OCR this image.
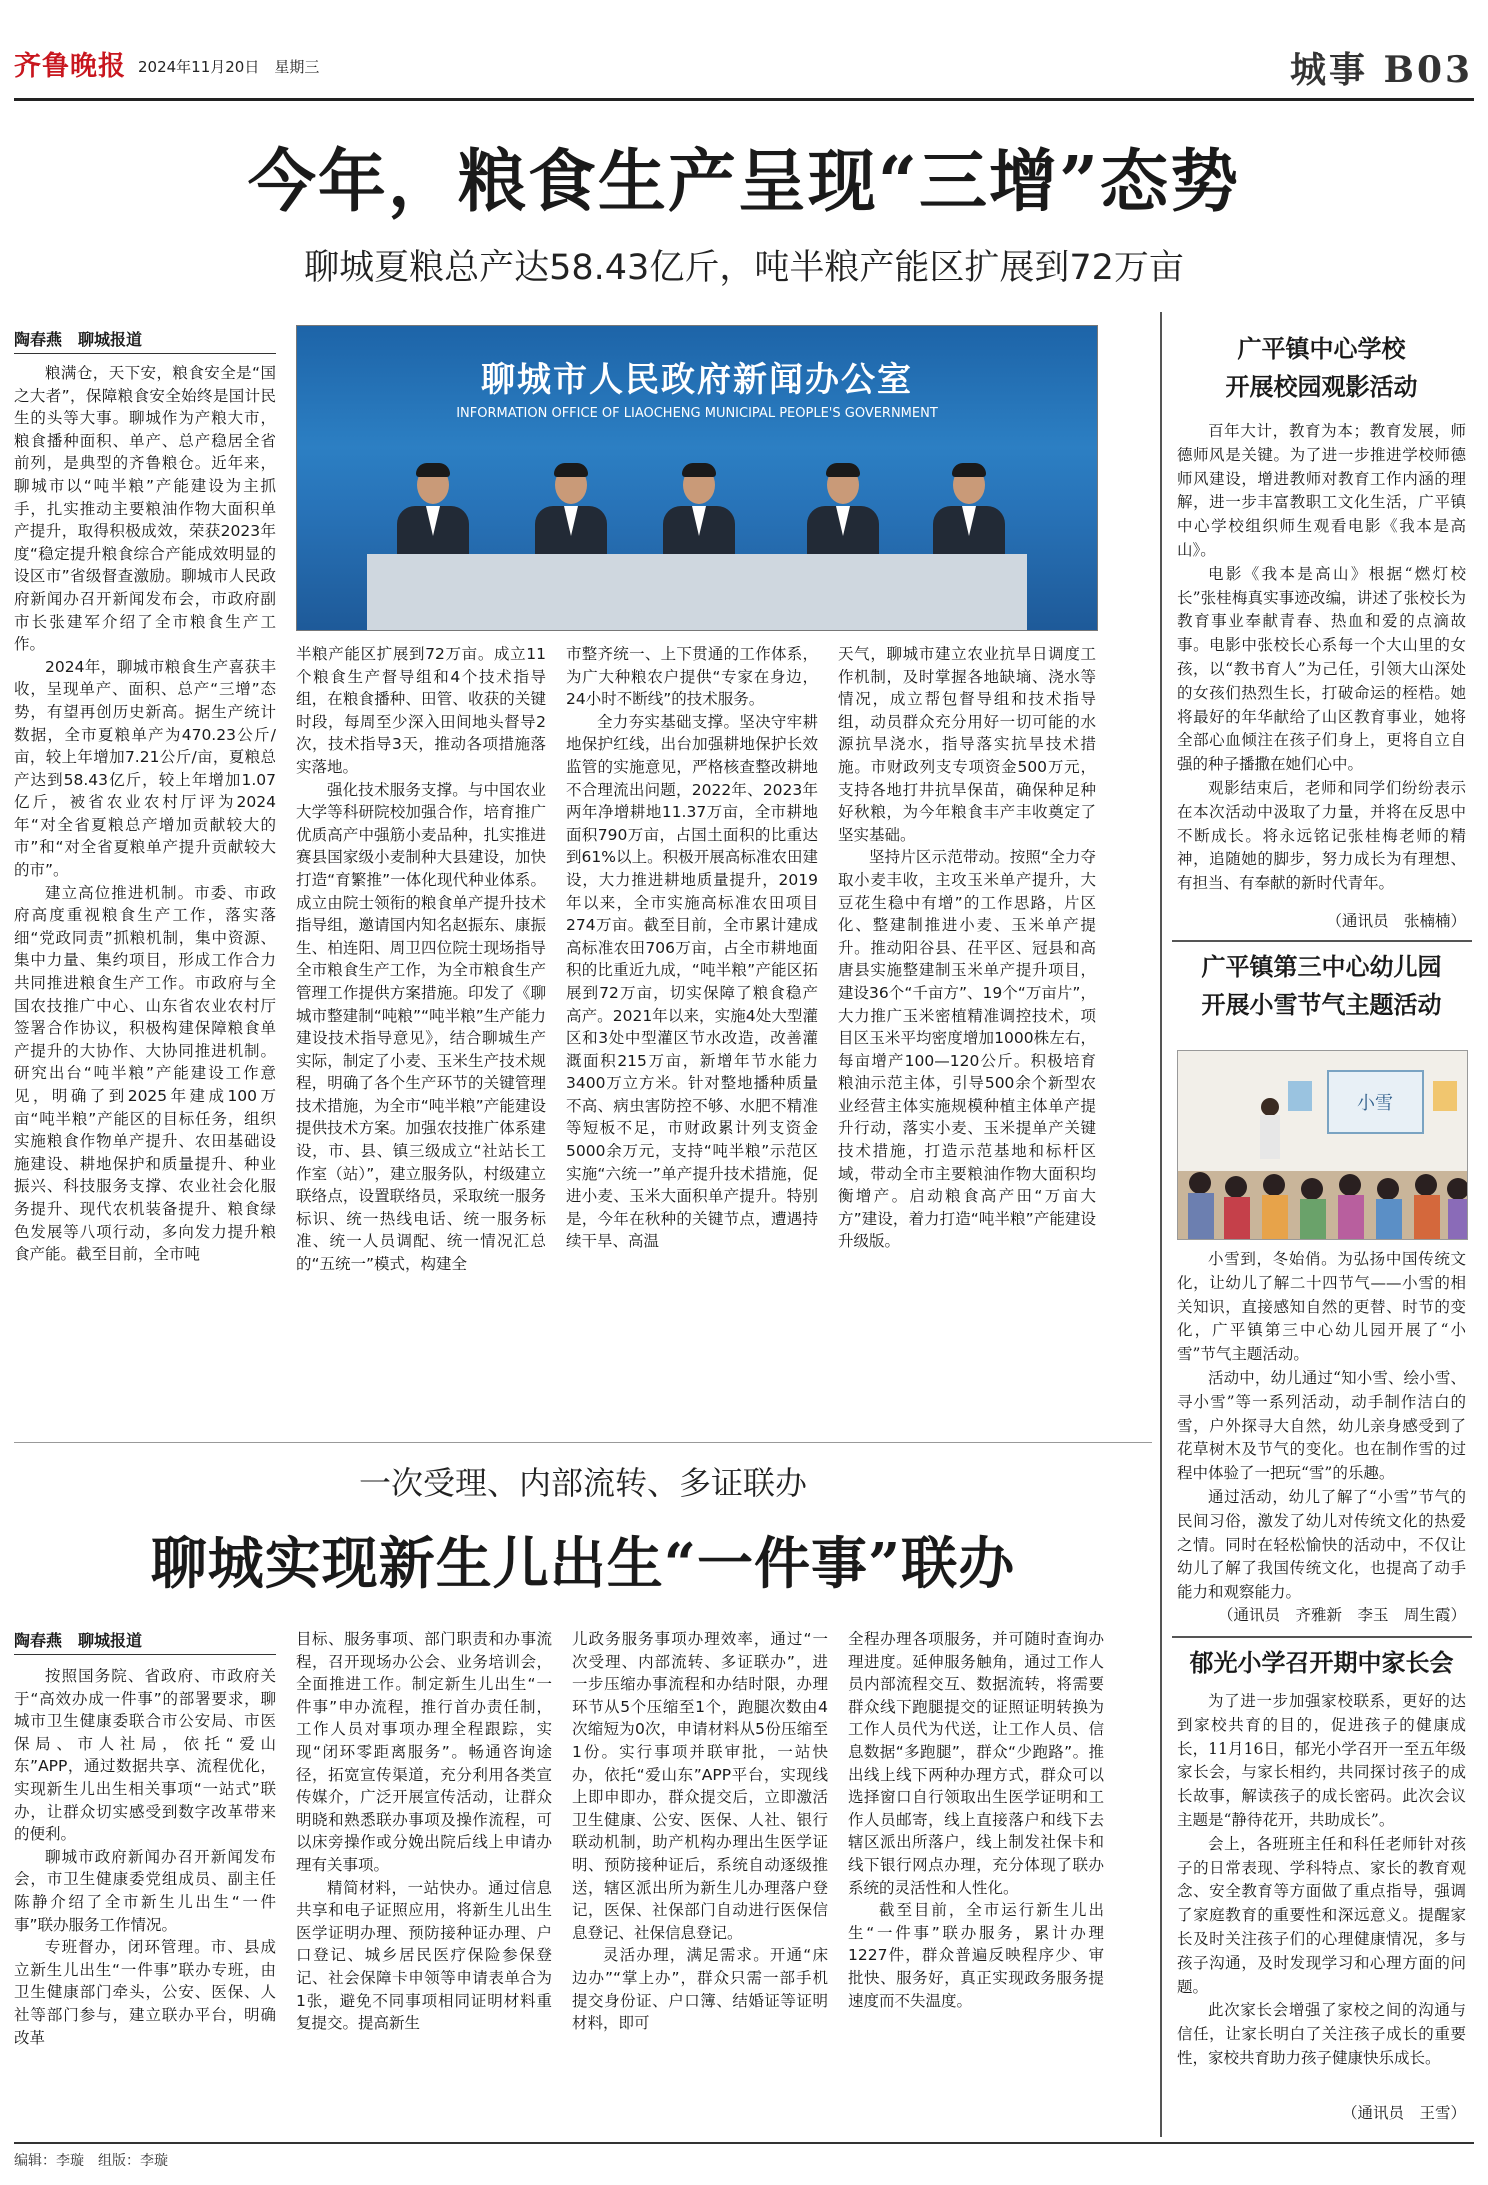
齐鲁晚报 2024年11月20日　星期三	城事 B03
今年，粮食生产呈现“三增”态势
聊城夏粮总产达58.43亿斤，吨半粮产能区扩展到72万亩
陶春燕　聊城报道

粮满仓，天下安，粮食安全是“国之大者”，保障粮食安全始终是国计民生的头等大事。聊城作为产粮大市，粮食播种面积、单产、总产稳居全省前列，是典型的齐鲁粮仓。近年来，聊城市以“吨半粮”产能建设为主抓手，扎实推动主要粮油作物大面积单产提升，取得积极成效，荣获2023年度“稳定提升粮食综合产能成效明显的设区市”省级督查激励。聊城市人民政府新闻办召开新闻发布会，市政府副市长张建军介绍了全市粮食生产工作。

2024年，聊城市粮食生产喜获丰收，呈现单产、面积、总产“三增”态势，有望再创历史新高。据生产统计数据，全市夏粮单产为470.23公斤/亩，较上年增加7.21公斤/亩，夏粮总产达到58.43亿斤，较上年增加1.07亿斤，被省农业农村厅评为2024年“对全省夏粮总产增加贡献较大的市”和“对全省夏粮单产提升贡献较大的市”。

建立高位推进机制。市委、市政府高度重视粮食生产工作，落实落细“党政同责”抓粮机制，集中资源、集中力量、集约项目，形成工作合力共同推进粮食生产工作。市政府与全国农技推广中心、山东省农业农村厅签署合作协议，积极构建保障粮食单产提升的大协作、大协同推进机制。研究出台“吨半粮”产能建设工作意见，明确了到2025年建成100万亩“吨半粮”产能区的目标任务，组织实施粮食作物单产提升、农田基础设施建设、耕地保护和质量提升、种业振兴、科技服务支撑、农业社会化服务提升、现代农机装备提升、粮食绿色发展等八项行动，多向发力提升粮食产能。截至目前，全市吨

聊城市人民政府新闻办公室
INFORMATION OFFICE OF LIAOCHENG MUNICIPAL PEOPLE'S GOVERNMENT

半粮产能区扩展到72万亩。成立11个粮食生产督导组和4个技术指导组，在粮食播种、田管、收获的关键时段，每周至少深入田间地头督导2次，技术指导3天，推动各项措施落实落地。

强化技术服务支撑。与中国农业大学等科研院校加强合作，培育推广优质高产中强筋小麦品种，扎实推进赛县国家级小麦制种大县建设，加快打造“育繁推”一体化现代种业体系。成立由院士领衔的粮食单产提升技术指导组，邀请国内知名赵振东、康振生、柏连阳、周卫四位院士现场指导全市粮食生产工作，为全市粮食生产管理工作提供方案措施。印发了《聊城市整建制“吨粮”“吨半粮”生产能力建设技术指导意见》，结合聊城生产实际，制定了小麦、玉米生产技术规程，明确了各个生产环节的关键管理技术措施，为全市“吨半粮”产能建设提供技术方案。加强农技推广体系建设，市、县、镇三级成立“社站长工作室（站）”，建立服务队，村级建立联络点，设置联络员，采取统一服务标识、统一热线电话、统一服务标准、统一人员调配、统一情况汇总的“五统一”模式，构建全

市整齐统一、上下贯通的工作体系，为广大种粮农户提供“专家在身边，24小时不断线”的技术服务。

全力夯实基础支撑。坚决守牢耕地保护红线，出台加强耕地保护长效监管的实施意见，严格核查整改耕地不合理流出问题，2022年、2023年两年净增耕地11.37万亩，全市耕地面积790万亩，占国土面积的比重达到61%以上。积极开展高标准农田建设，大力推进耕地质量提升，2019年以来，全市实施高标准农田项目274万亩。截至目前，全市累计建成高标准农田706万亩，占全市耕地面积的比重近九成，“吨半粮”产能区拓展到72万亩，切实保障了粮食稳产高产。2021年以来，实施4处大型灌区和3处中型灌区节水改造，改善灌溉面积215万亩，新增年节水能力3400万立方米。针对整地播种质量不高、病虫害防控不够、水肥不精准等短板不足，市财政累计列支资金5000余万元，支持“吨半粮”示范区实施“六统一”单产提升技术措施，促进小麦、玉米大面积单产提升。特别是，今年在秋种的关键节点，遭遇持续干旱、高温

天气，聊城市建立农业抗旱日调度工作机制，及时掌握各地缺墒、浇水等情况，成立帮包督导组和技术指导组，动员群众充分用好一切可能的水源抗旱浇水，指导落实抗旱技术措施。市财政列支专项资金500万元，支持各地打井抗旱保苗，确保种足种好秋粮，为今年粮食丰产丰收奠定了坚实基础。

坚持片区示范带动。按照“全力夺取小麦丰收，主攻玉米单产提升，大豆花生稳中有增”的工作思路，片区化、整建制推进小麦、玉米单产提升。推动阳谷县、茌平区、冠县和高唐县实施整建制玉米单产提升项目，建设36个“千亩方”、19个“万亩片”，大力推广玉米密植精准调控技术，项目区玉米平均密度增加1000株左右，每亩增产100—120公斤。积极培育粮油示范主体，引导500余个新型农业经营主体实施规模种植主体单产提升行动，落实小麦、玉米提单产关键技术措施，打造示范基地和标杆区域，带动全市主要粮油作物大面积均衡增产。启动粮食高产田“万亩大方”建设，着力打造“吨半粮”产能建设升级版。

广平镇中心学校
开展校园观影活动

百年大计，教育为本；教育发展，师德师风是关键。为了进一步推进学校师德师风建设，增进教师对教育工作内涵的理解，进一步丰富教职工文化生活，广平镇中心学校组织师生观看电影《我本是高山》。

电影《我本是高山》根据“燃灯校长”张桂梅真实事迹改编，讲述了张校长为教育事业奉献青春、热血和爱的点滴故事。电影中张校长心系每一个大山里的女孩，以“教书育人”为己任，引领大山深处的女孩们热烈生长，打破命运的桎梏。她将最好的年华献给了山区教育事业，她将全部心血倾注在孩子们身上，更将自立自强的种子播撒在她们心中。

观影结束后，老师和同学们纷纷表示在本次活动中汲取了力量，并将在反思中不断成长。将永远铭记张桂梅老师的精神，追随她的脚步，努力成长为有理想、有担当、有奉献的新时代青年。

（通讯员　张楠楠）
广平镇第三中心幼儿园
开展小雪节气主题活动
小雪

小雪到，冬始俏。为弘扬中国传统文化，让幼儿了解二十四节气——小雪的相关知识，直接感知自然的更替、时节的变化，广平镇第三中心幼儿园开展了“小雪”节气主题活动。

活动中，幼儿通过“知小雪、绘小雪、寻小雪”等一系列活动，动手制作洁白的雪，户外探寻大自然，幼儿亲身感受到了花草树木及节气的变化。也在制作雪的过程中体验了一把玩“雪”的乐趣。

通过活动，幼儿了解了“小雪”节气的民间习俗，激发了幼儿对传统文化的热爱之情。同时在轻松愉快的活动中，不仅让幼儿了解了我国传统文化，也提高了动手能力和观察能力。

（通讯员　齐雅新　李玉　周生霞）
郁光小学召开期中家长会

为了进一步加强家校联系，更好的达到家校共育的目的，促进孩子的健康成长，11月16日，郁光小学召开一至五年级家长会，与家长相约，共同探讨孩子的成长故事，解读孩子的成长密码。此次会议主题是“静待花开，共助成长”。

会上，各班班主任和科任老师针对孩子的日常表现、学科特点、家长的教育观念、安全教育等方面做了重点指导，强调了家庭教育的重要性和深远意义。提醒家长及时关注孩子们的心理健康情况，多与孩子沟通，及时发现学习和心理方面的问题。

此次家长会增强了家校之间的沟通与信任，让家长明白了关注孩子成长的重要性，家校共育助力孩子健康快乐成长。

（通讯员　王雪）
一次受理、内部流转、多证联办
聊城实现新生儿出生“一件事”联办
陶春燕　聊城报道

按照国务院、省政府、市政府关于“高效办成一件事”的部署要求，聊城市卫生健康委联合市公安局、市医保局、市人社局，依托“爱山东”APP，通过数据共享、流程优化，实现新生儿出生相关事项“一站式”联办，让群众切实感受到数字改革带来的便利。

聊城市政府新闻办召开新闻发布会，市卫生健康委党组成员、副主任陈静介绍了全市新生儿出生“一件事”联办服务工作情况。

专班督办，闭环管理。市、县成立新生儿出生“一件事”联办专班，由卫生健康部门牵头，公安、医保、人社等部门参与，建立联办平台，明确改革

目标、服务事项、部门职责和办事流程，召开现场办公会、业务培训会，全面推进工作。制定新生儿出生“一件事”申办流程，推行首办责任制，工作人员对事项办理全程跟踪，实现“闭环零距离服务”。畅通咨询途径，拓宽宣传渠道，充分利用各类宣传媒介，广泛开展宣传活动，让群众明晓和熟悉联办事项及操作流程，可以床旁操作或分娩出院后线上申请办理有关事项。

精简材料，一站快办。通过信息共享和电子证照应用，将新生儿出生医学证明办理、预防接种证办理、户口登记、城乡居民医疗保险参保登记、社会保障卡申领等申请表单合为1张，避免不同事项相同证明材料重复提交。提高新生

儿政务服务事项办理效率，通过“一次受理、内部流转、多证联办”，进一步压缩办事流程和办结时限，办理环节从5个压缩至1个，跑腿次数由4次缩短为0次，申请材料从5份压缩至1份。实行事项并联审批，一站快办，依托“爱山东”APP平台，实现线上即申即办，群众提交后，立即激活卫生健康、公安、医保、人社、银行联动机制，助产机构办理出生医学证明、预防接种证后，系统自动逐级推送，辖区派出所为新生儿办理落户登记，医保、社保部门自动进行医保信息登记、社保信息登记。

灵活办理，满足需求。开通“床边办”“掌上办”，群众只需一部手机提交身份证、户口簿、结婚证等证明材料，即可

全程办理各项服务，并可随时查询办理进度。延伸服务触角，通过工作人员内部流程交互、数据流转，将需要群众线下跑腿提交的证照证明转换为工作人员代为代送，让工作人员、信息数据“多跑腿”，群众“少跑路”。推出线上线下两种办理方式，群众可以选择窗口自行领取出生医学证明和工作人员邮寄，线上直接落户和线下去辖区派出所落户，线上制发社保卡和线下银行网点办理，充分体现了联办系统的灵活性和人性化。

截至目前，全市运行新生儿出生“一件事”联办服务，累计办理1227件，群众普遍反映程序少、审批快、服务好，真正实现政务服务提速度而不失温度。

编辑：李璇　组版：李璇
